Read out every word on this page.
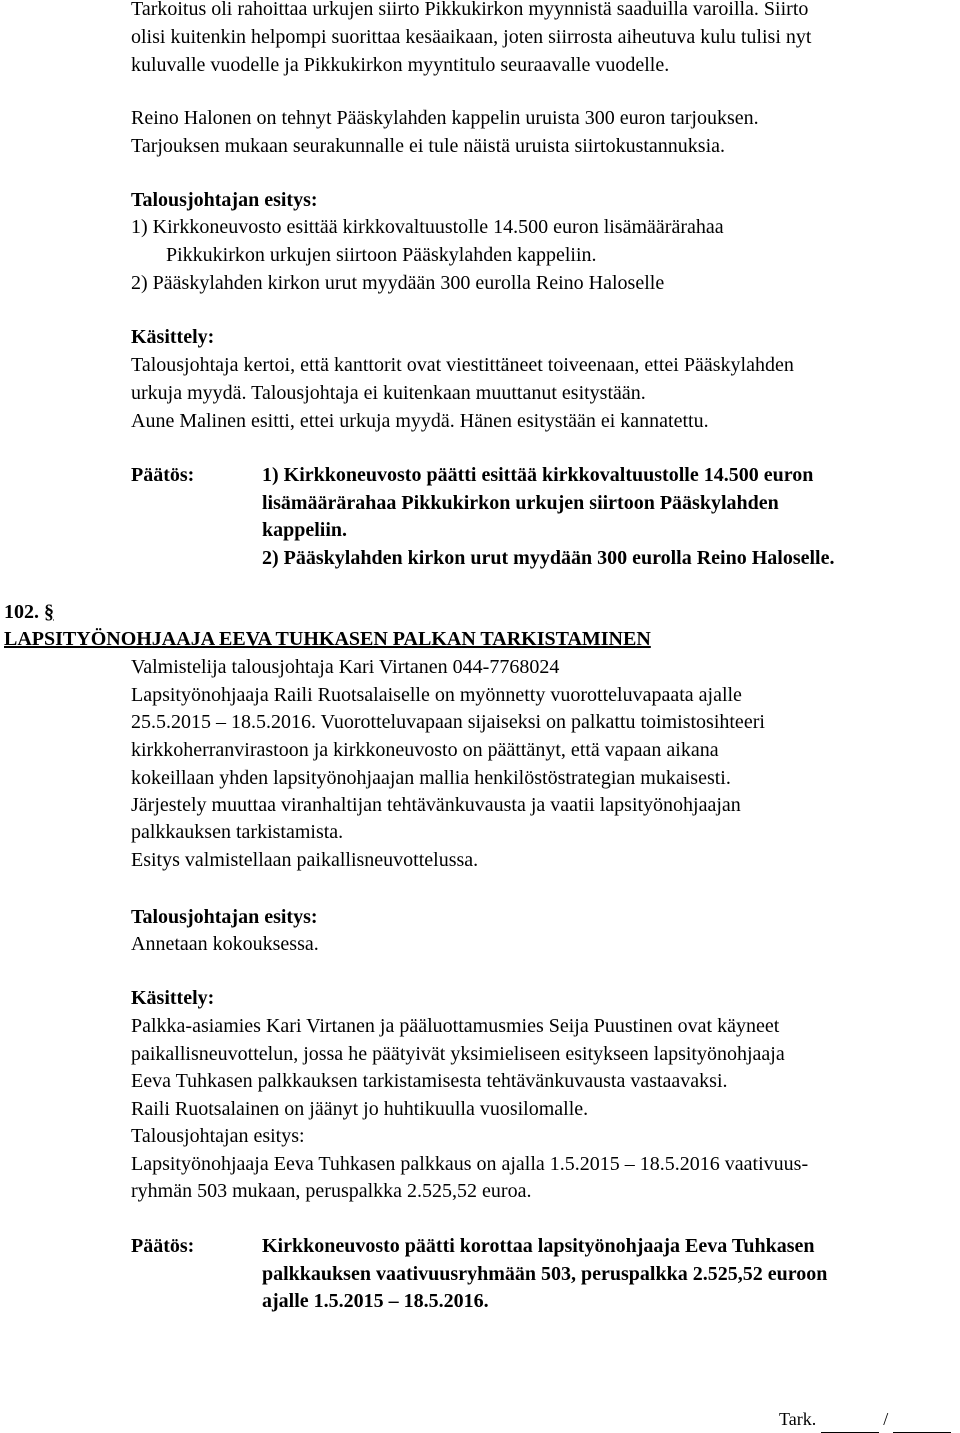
Tarkoitus oli rahoittaa urkujen siirto Pikkukirkon myynnistä saaduilla varoilla. Siirto
olisi kuitenkin helpompi suorittaa kesäaikaan, joten siirrosta aiheutuva kulu tulisi nyt
kuluvalle vuodelle ja Pikkukirkon myyntitulo seuraavalle vuodelle.
Reino Halonen on tehnyt Pääskylahden kappelin uruista 300 euron tarjouksen.
Tarjouksen mukaan seurakunnalle ei tule näistä uruista siirtokustannuksia.
Talousjohtajan esitys:
1) Kirkkoneuvosto esittää kirkkovaltuustolle 14.500 euron lisämäärärahaa
Pikkukirkon urkujen siirtoon Pääskylahden kappeliin.
2) Pääskylahden kirkon urut myydään 300 eurolla Reino Haloselle
Käsittely:
Talousjohtaja kertoi, että kanttorit ovat viestittäneet toiveenaan, ettei Pääskylahden
urkuja myydä. Talousjohtaja ei kuitenkaan muuttanut esitystään.
Aune Malinen esitti, ettei urkuja myydä. Hänen esitystään ei kannatettu.
Päätös:	1) Kirkkoneuvosto päätti esittää kirkkovaltuustolle 14.500 euron
lisämäärärahaa Pikkukirkon urkujen siirtoon Pääskylahden
kappeliin.
2) Pääskylahden kirkon urut myydään 300 eurolla Reino Haloselle.
102. §
LAPSITYÖNOHJAAJA EEVA TUHKASEN PALKAN TARKISTAMINEN
Valmistelija talousjohtaja Kari Virtanen 044-7768024
Lapsityönohjaaja Raili Ruotsalaiselle on myönnetty vuorotteluvapaata ajalle
25.5.2015 – 18.5.2016. Vuorotteluvapaan sijaiseksi on palkattu toimistosihteeri
kirkkoherranvirastoon ja kirkkoneuvosto on päättänyt, että vapaan aikana
kokeillaan yhden lapsityönohjaajan mallia henkilöstöstrategian mukaisesti.
Järjestely muuttaa viranhaltijan tehtävänkuvausta ja vaatii lapsityönohjaajan
palkkauksen tarkistamista.
Esitys valmistellaan paikallisneuvottelussa.
Talousjohtajan esitys:
Annetaan kokouksessa.
Käsittely:
Palkka-asiamies Kari Virtanen ja pääluottamusmies Seija Puustinen ovat käyneet
paikallisneuvottelun, jossa he päätyivät yksimieliseen esitykseen lapsityönohjaaja
Eeva Tuhkasen palkkauksen tarkistamisesta tehtävänkuvausta vastaavaksi.
Raili Ruotsalainen on jäänyt jo huhtikuulla vuosilomalle.
Talousjohtajan esitys:
Lapsityönohjaaja Eeva Tuhkasen palkkaus on ajalla 1.5.2015 – 18.5.2016 vaativuus-
ryhmän 503 mukaan, peruspalkka 2.525,52 euroa.
Päätös:	Kirkkoneuvosto päätti korottaa lapsityönohjaaja Eeva Tuhkasen
palkkauksen vaativuusryhmään 503, peruspalkka 2.525,52 euroon
ajalle 1.5.2015 – 18.5.2016.
Tark.	/
